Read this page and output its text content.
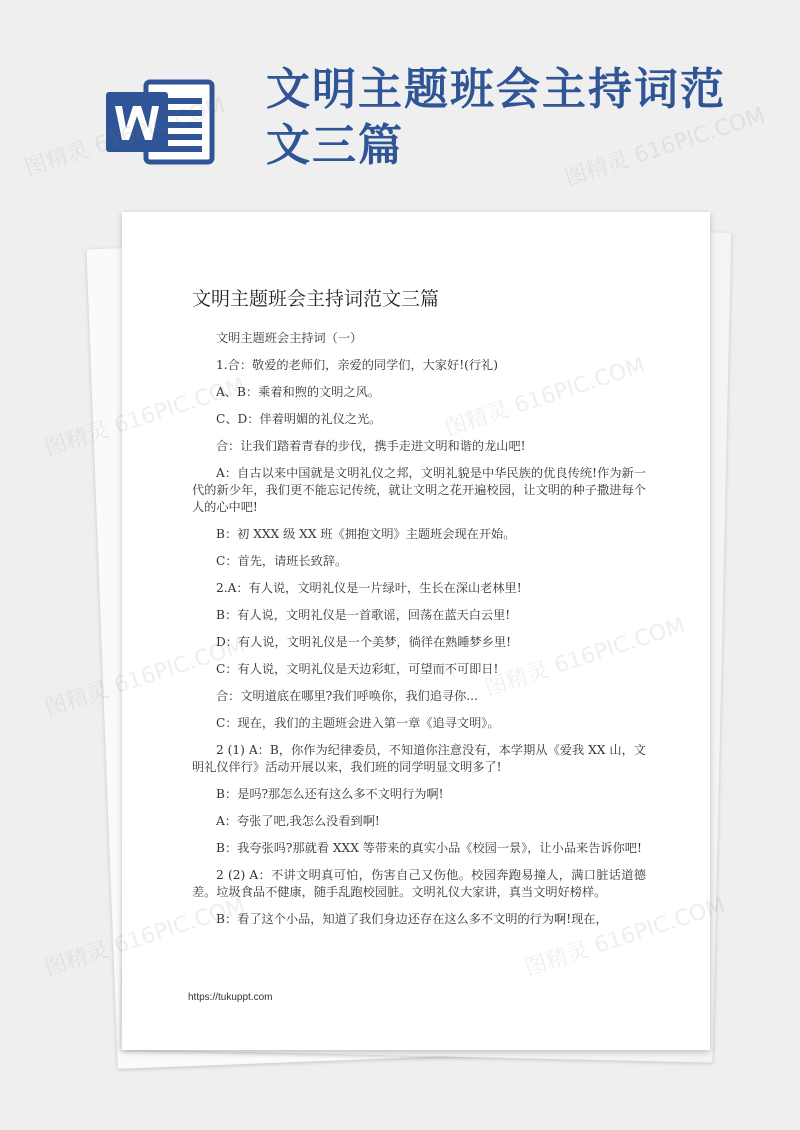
文明主题班会主持词范文三篇
文明主题班会主持词范文三篇

文明主题班会主持词（一）

1.合：敬爱的老师们，亲爱的同学们，大家好!(行礼)

A、B：乘着和煦的文明之风。

C、D：伴着明媚的礼仪之光。

合：让我们踏着青春的步伐，携手走进文明和谐的龙山吧!

A：自古以来中国就是文明礼仪之邦，文明礼貌是中华民族的优良传统!作为新一代的新少年，我们更不能忘记传统，就让文明之花开遍校园，让文明的种子撒进每个人的心中吧!

B：初 XXX 级 XX 班《拥抱文明》主题班会现在开始。

C：首先，请班长致辞。

2.A：有人说，文明礼仪是一片绿叶，生长在深山老林里!

B：有人说，文明礼仪是一首歌谣，回荡在蓝天白云里!

D：有人说，文明礼仪是一个美梦，徜徉在熟睡梦乡里!

C：有人说，文明礼仪是天边彩虹，可望而不可即日!

合：文明道底在哪里?我们呼唤你，我们追寻你...

C：现在，我们的主题班会进入第一章《追寻文明》。

2 (1) A：B，你作为纪律委员，不知道你注意没有，本学期从《爱我 XX 山，文明礼仪伴行》活动开展以来，我们班的同学明显文明多了!

B：是吗?那怎么还有这么多不文明行为啊!

A：夸张了吧,我怎么没看到啊!

B：我夸张吗?那就看 XXX 等带来的真实小品《校园一景》，让小品来告诉你吧!

2 (2) A：不讲文明真可怕，伤害自己又伤他。校园奔跑易撞人，满口脏话道德差。垃圾食品不健康，随手乱跑校园脏。文明礼仪大家讲，真当文明好榜样。

B：看了这个小品，知道了我们身边还存在这么多不文明的行为啊!现在，

https://tukuppt.com
图精灵	图精灵 616PIC.COM
图精灵
图精灵
图精灵
